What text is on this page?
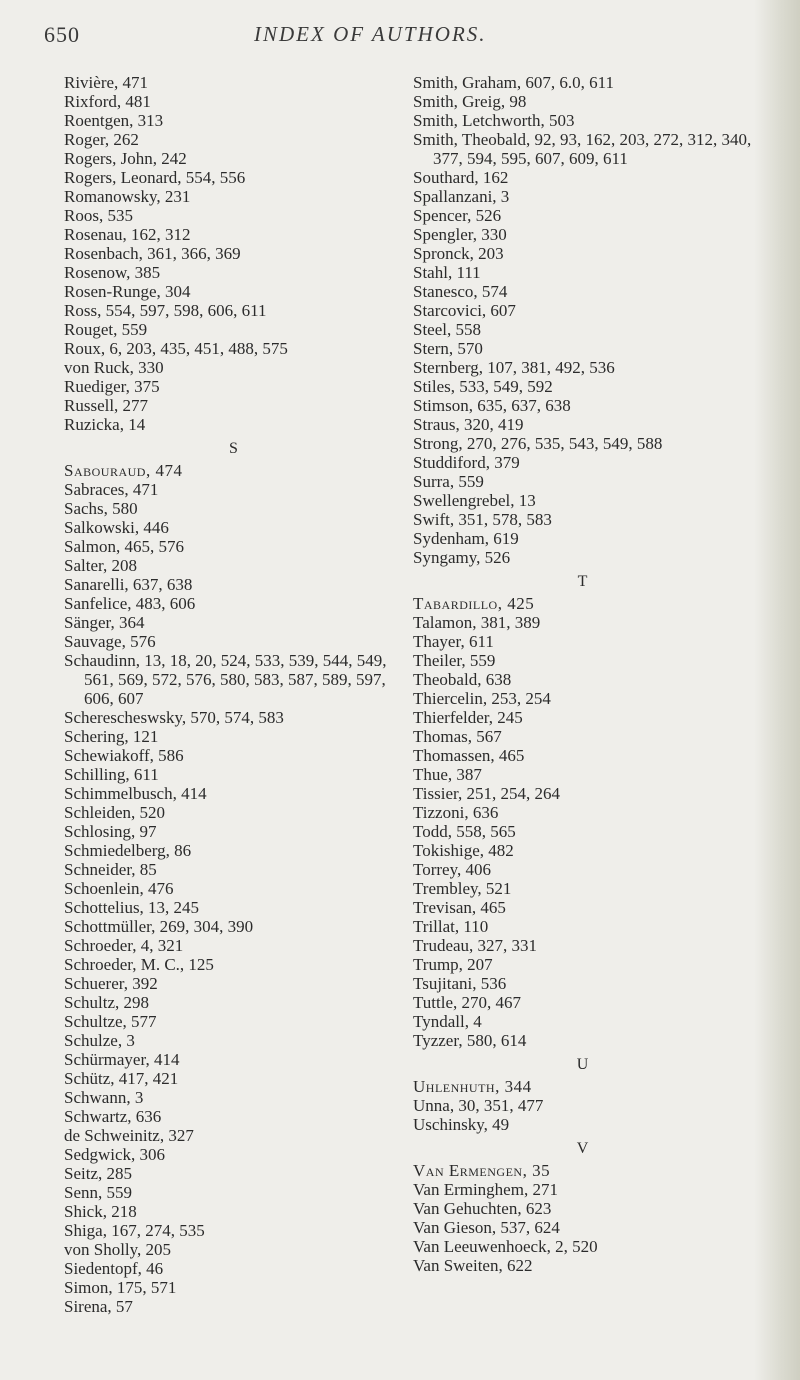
650	INDEX OF AUTHORS.
Rivière, 471
Rixford, 481
Roentgen, 313
Roger, 262
Rogers, John, 242
Rogers, Leonard, 554, 556
Romanowsky, 231
Roos, 535
Rosenau, 162, 312
Rosenbach, 361, 366, 369
Rosenow, 385
Rosen-Runge, 304
Ross, 554, 597, 598, 606, 611
Rouget, 559
Roux, 6, 203, 435, 451, 488, 575
von Ruck, 330
Ruediger, 375
Russell, 277
Ruzicka, 14
S
Sabouraud, 474
Sabraces, 471
Sachs, 580
Salkowski, 446
Salmon, 465, 576
Salter, 208
Sanarelli, 637, 638
Sanfelice, 483, 606
Sänger, 364
Sauvage, 576
Schaudinn, 13, 18, 20, 524, 533, 539, 544, 549, 561, 569, 572, 576, 580, 583, 587, 589, 597, 606, 607
Scherescheswsky, 570, 574, 583
Schering, 121
Schewiakoff, 586
Schilling, 611
Schimmelbusch, 414
Schleiden, 520
Schlosing, 97
Schmiedelberg, 86
Schneider, 85
Schoenlein, 476
Schottelius, 13, 245
Schottmüller, 269, 304, 390
Schroeder, 4, 321
Schroeder, M. C., 125
Schuerer, 392
Schultz, 298
Schultze, 577
Schulze, 3
Schürmayer, 414
Schütz, 417, 421
Schwann, 3
Schwartz, 636
de Schweinitz, 327
Sedgwick, 306
Seitz, 285
Senn, 559
Shick, 218
Shiga, 167, 274, 535
von Sholly, 205
Siedentopf, 46
Simon, 175, 571
Sirena, 57
Smith, Graham, 607, 6.0, 611
Smith, Greig, 98
Smith, Letchworth, 503
Smith, Theobald, 92, 93, 162, 203, 272, 312, 340, 377, 594, 595, 607, 609, 611
Southard, 162
Spallanzani, 3
Spencer, 526
Spengler, 330
Spronck, 203
Stahl, 111
Stanesco, 574
Starcovici, 607
Steel, 558
Stern, 570
Sternberg, 107, 381, 492, 536
Stiles, 533, 549, 592
Stimson, 635, 637, 638
Straus, 320, 419
Strong, 270, 276, 535, 543, 549, 588
Studdiford, 379
Surra, 559
Swellengrebel, 13
Swift, 351, 578, 583
Sydenham, 619
Syngamy, 526
T
Tabardillo, 425
Talamon, 381, 389
Thayer, 611
Theiler, 559
Theobald, 638
Thiercelin, 253, 254
Thierfelder, 245
Thomas, 567
Thomassen, 465
Thue, 387
Tissier, 251, 254, 264
Tizzoni, 636
Todd, 558, 565
Tokishige, 482
Torrey, 406
Trembley, 521
Trevisan, 465
Trillat, 110
Trudeau, 327, 331
Trump, 207
Tsujitani, 536
Tuttle, 270, 467
Tyndall, 4
Tyzzer, 580, 614
U
Uhlenhuth, 344
Unna, 30, 351, 477
Uschinsky, 49
V
Van Ermengen, 35
Van Erminghem, 271
Van Gehuchten, 623
Van Gieson, 537, 624
Van Leeuwenhoeck, 2, 520
Van Sweiten, 622
